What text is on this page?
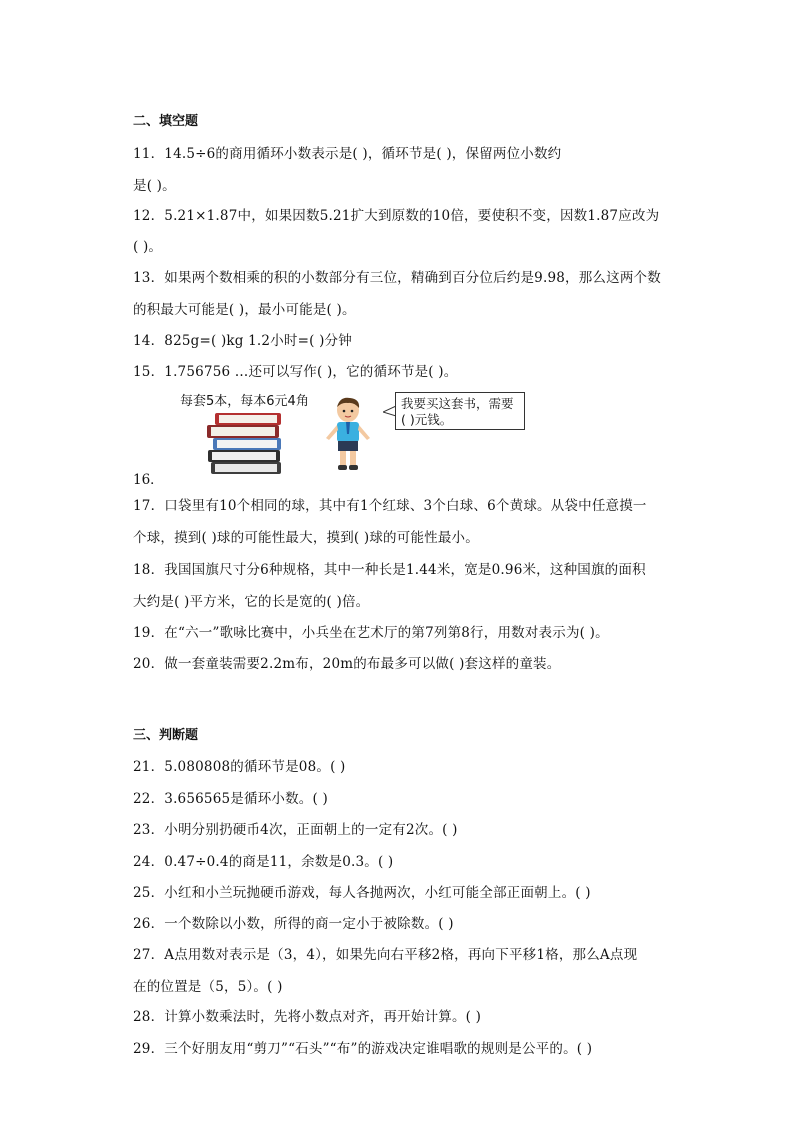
二、填空题
11．14.5÷6的商用循环小数表示是( )，循环节是( )，保留两位小数约
是( )。
12．5.21×1.87中，如果因数5.21扩大到原数的10倍，要使积不变，因数1.87应改为
( )。
13．如果两个数相乘的积的小数部分有三位，精确到百分位后约是9.98，那么这两个数
的积最大可能是( )，最小可能是( )。
14．825g=( )kg 1.2小时=( )分钟
15．1.756756 …还可以写作( )，它的循环节是( )。
每套5本，每本6元4角	我要买这套书，需要
( )元钱。
16．
17．口袋里有10个相同的球，其中有1个红球、3个白球、6个黄球。从袋中任意摸一
个球，摸到( )球的可能性最大，摸到( )球的可能性最小。
18．我国国旗尺寸分6种规格，其中一种长是1.44米，宽是0.96米，这种国旗的面积
大约是( )平方米，它的长是宽的( )倍。
19．在“六一”歌咏比赛中，小兵坐在艺术厅的第7列第8行，用数对表示为( )。
20．做一套童装需要2.2m布，20m的布最多可以做( )套这样的童装。
三、判断题
21．5.080808的循环节是08。( )
22．3.656565是循环小数。( )
23．小明分别扔硬币4次，正面朝上的一定有2次。( )
24．0.47÷0.4的商是11，余数是0.3。( )
25．小红和小兰玩抛硬币游戏，每人各抛两次，小红可能全部正面朝上。( )
26．一个数除以小数，所得的商一定小于被除数。( )
27．A点用数对表示是（3，4），如果先向右平移2格，再向下平移1格，那么A点现
在的位置是（5，5）。( )
28．计算小数乘法时，先将小数点对齐，再开始计算。( )
29．三个好朋友用“剪刀”“石头”“布”的游戏决定谁唱歌的规则是公平的。( )
